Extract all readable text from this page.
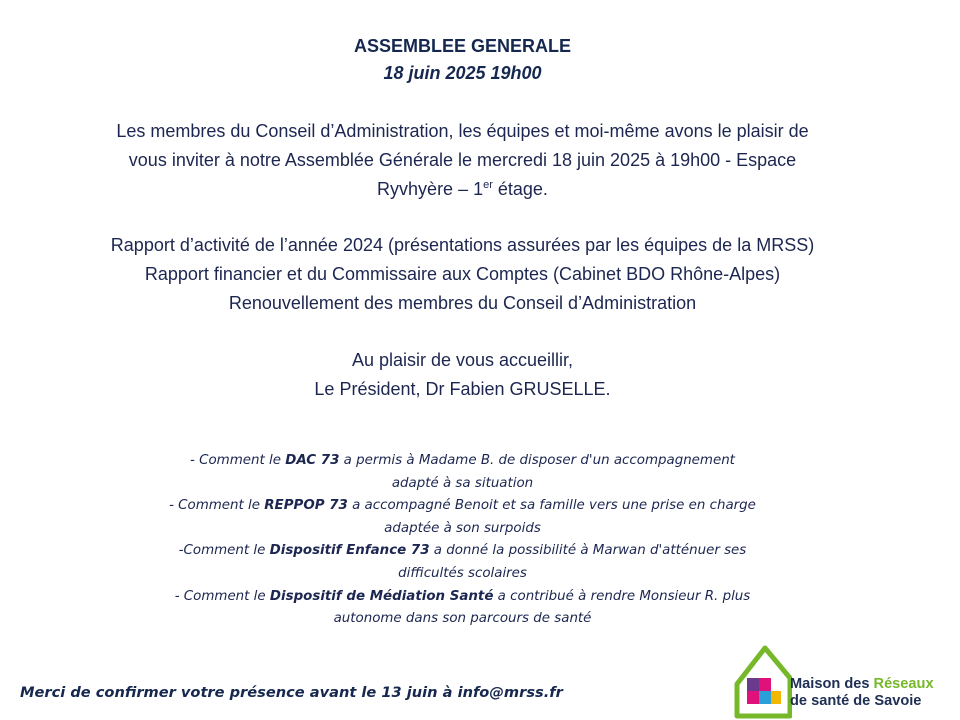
ASSEMBLEE GENERALE
18 juin 2025 19h00
Les membres du Conseil d’Administration, les équipes et moi-même avons le plaisir de
vous inviter à notre Assemblée Générale le mercredi 18 juin 2025 à 19h00 - Espace
Ryvhyère – 1er étage.
Rapport d’activité de l’année 2024 (présentations assurées par les équipes de la MRSS)
Rapport financier et du Commissaire aux Comptes (Cabinet BDO Rhône-Alpes)
Renouvellement des membres du Conseil d’Administration
Au plaisir de vous accueillir,
Le Président, Dr Fabien GRUSELLE.
- Comment le DAC 73 a permis à Madame B. de disposer d'un accompagnement
adapté à sa situation
- Comment le REPPOP 73 a accompagné Benoit et sa famille vers une prise en charge
adaptée à son surpoids
-Comment le Dispositif Enfance 73 a donné la possibilité à Marwan d'atténuer ses
difficultés scolaires
- Comment le Dispositif de Médiation Santé a contribué à rendre Monsieur R. plus
autonome dans son parcours de santé
Merci de confirmer votre présence avant le 13 juin à info@mrss.fr	Maison des Réseaux
de santé de Savoie
